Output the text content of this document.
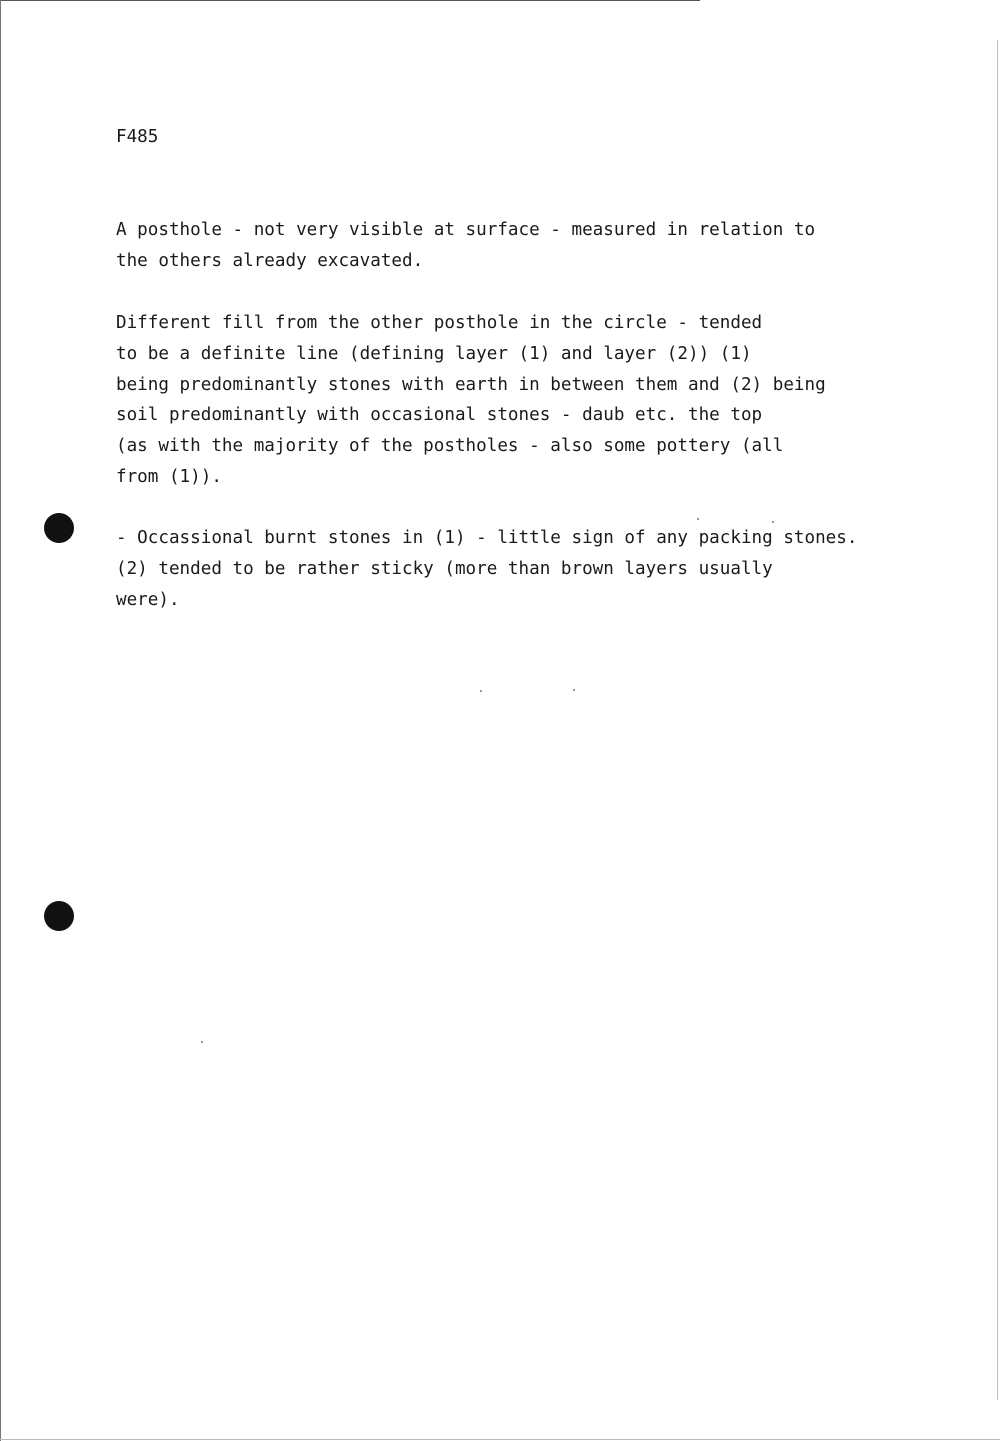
F485
A posthole - not very visible at surface - measured in relation to
the others already excavated.
Different fill from the other posthole in the circle - tended
to be a definite line (defining layer (1) and layer (2)) (1)
being predominantly stones with earth in between them and (2) being
soil predominantly with occasional stones - daub etc. the top
(as with the majority of the postholes - also some pottery (all
from (1)).
- Occassional burnt stones in (1) - little sign of any packing stones.
(2) tended to be rather sticky (more than brown layers usually
were).
